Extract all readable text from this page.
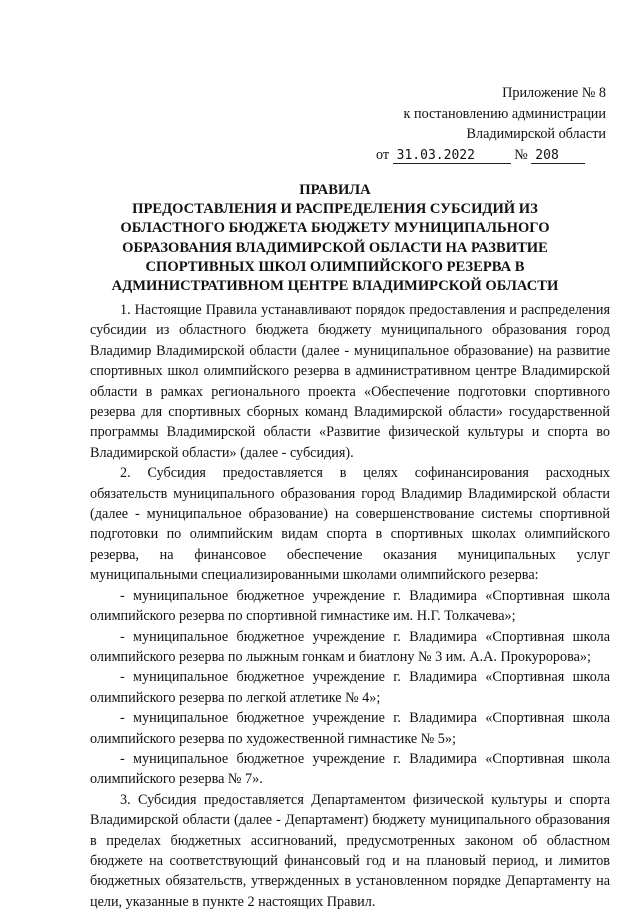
Приложение № 8
к постановлению администрации
Владимирской области
от 31.03.2022	№ 208
ПРАВИЛА
ПРЕДОСТАВЛЕНИЯ И РАСПРЕДЕЛЕНИЯ СУБСИДИЙ ИЗ
ОБЛАСТНОГО БЮДЖЕТА БЮДЖЕТУ МУНИЦИПАЛЬНОГО
ОБРАЗОВАНИЯ ВЛАДИМИРСКОЙ ОБЛАСТИ НА РАЗВИТИЕ
СПОРТИВНЫХ ШКОЛ ОЛИМПИЙСКОГО РЕЗЕРВА В
АДМИНИСТРАТИВНОМ ЦЕНТРЕ ВЛАДИМИРСКОЙ ОБЛАСТИ

1. Настоящие Правила устанавливают порядок предоставления и распределения субсидии из областного бюджета бюджету муниципального образования город Владимир Владимирской области (далее - муниципальное образование) на развитие спортивных школ олимпийского резерва в административном центре Владимирской области в рамках регионального проекта «Обеспечение подготовки спортивного резерва для спортивных сборных команд Владимирской области» государственной программы Владимирской области «Развитие физической культуры и спорта во Владимирской области» (далее - субсидия).

2. Субсидия предоставляется в целях софинансирования расходных обязательств муниципального образования город Владимир Владимирской области (далее - муниципальное образование) на совершенствование системы спортивной подготовки по олимпийским видам спорта в спортивных школах олимпийского резерва, на финансовое обеспечение оказания муниципальных услуг муниципальными специализированными школами олимпийского резерва:

- муниципальное бюджетное учреждение г. Владимира «Спортивная школа олимпийского резерва по спортивной гимнастике им. Н.Г. Толкачева»;

- муниципальное бюджетное учреждение г. Владимира «Спортивная школа олимпийского резерва по лыжным гонкам и биатлону № 3 им. А.А. Прокуророва»;

- муниципальное бюджетное учреждение г. Владимира «Спортивная школа олимпийского резерва по легкой атлетике № 4»;

- муниципальное бюджетное учреждение г. Владимира «Спортивная школа олимпийского резерва по художественной гимнастике № 5»;

- муниципальное бюджетное учреждение г. Владимира «Спортивная школа олимпийского резерва № 7».

3. Субсидия предоставляется Департаментом физической культуры и спорта Владимирской области (далее - Департамент) бюджету муниципального образования в пределах бюджетных ассигнований, предусмотренных законом об областном бюджете на соответствующий финансовый год и на плановый период, и лимитов бюджетных обязательств, утвержденных в установленном порядке Департаменту на цели, указанные в пункте 2 настоящих Правил.
